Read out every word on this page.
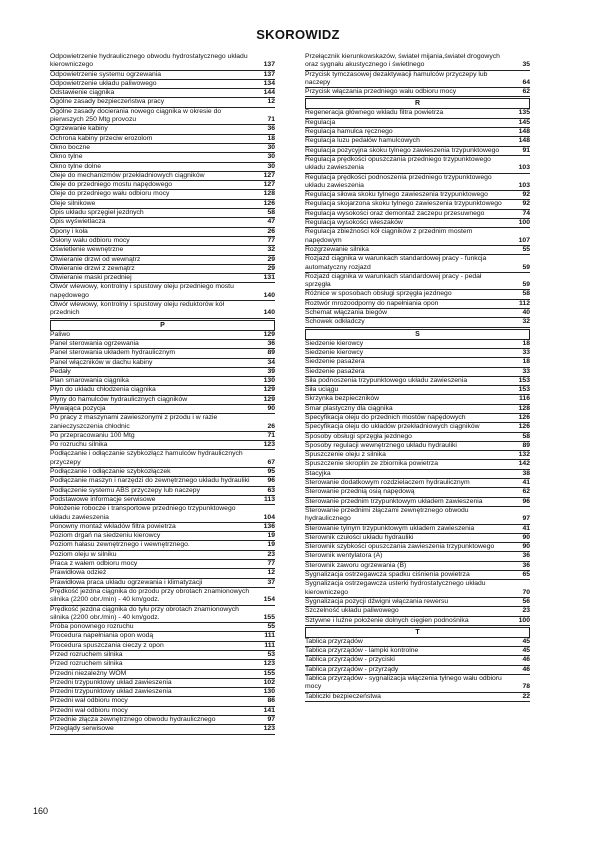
SKOROWIDZ
Odpowietrzenie hydraulicznego obwodu hydrostatycznego układu kierowniczego	137
Odpowietrzenie systemu ogrzewania	137
Odpowietrzenie układu paliwowego	134
Odstawienie ciągnika	144
Ogólne zasady bezpieczeństwa pracy	12
Ogólne zasady docierania nowego ciągnika w okresie do pierwszych 250 Mtg provozu	71
Ogrzewanie kabiny	36
Ochrona kabiny przeciw erozolom	18
Okno boczne	30
Okno tylne	30
Okno tylne dolne	30
Oleje do mechanizmów przekładniowych ciągników	127
Oleje do przedniego mostu napędowego	127
Oleje do przedniego wału odbioru mocy	128
Oleje silnikowe	126
Opis układu sprzęgieł jezdnych	58
Opis wyświetlacza	47
Opony i koła	26
Osłony wału odbioru mocy	77
Oświetlenie wewnętrzne	32
Otwieranie drzwi od wewnątrz	29
Otwieranie drzwi z zewnątrz	29
Otwieranie maski przedniej	131
Otwór wlewowy, kontrolny i spustowy oleju przedniego mostu napędowego	140
Otwór wlewowy, kontrolny i spustowy oleju reduktorów kół przednich	140
P
Paliwo	129
Panel sterowania ogrzewania	36
Panel sterowania układem hydraulicznym	89
Panel włączników w dachu kabiny	34
Pedały	39
Plan smarowania ciągnika	130
Płyn do układu chłodzenia ciągnika	129
Płyny do hamulców hydraulicznych ciągników	129
Pływająca pozycja	90
Po pracy z maszynami zawieszonymi z przodu i w razie zanieczyszczenia chłodnic	26
Po przepracowaniu 100 Mtg	71
Po rozruchu silnika	123
Podłączanie i odłączanie szybkozłącz hamulców hydraulicznych przyczepy	67
Podłączanie i odłączanie szybkozłączek	95
Podłączanie maszyn i narzędzi do zewnętrznego układu hydrauliki	96
Podłączenie systemu ABS przyczepy lub naczepy	63
Podstawowe informacje serwisowe	113
Położenie robocze i transportowe przedniego trzypunktowego układu zawieszenia	104
Ponowny montaż wkładów filtra powietrza	136
Poziom drgań na siedzeniu kierowcy	19
Poziom hałasu zewnętrznego i wewnętrznego.	19
Poziom oleju w silniku	23
Praca z wałem odbioru mocy	77
Prawidłowa odzież	12
Prawidłowa praca układu ogrzewania i klimatyzacji	37
Prędkość jezdna ciągnika do przodu przy obrotach znamionowych silnika (2200 obr./min) - 40 km/godz.	154
Prędkość jezdna ciągnika do tyłu przy obrotach znamionowych silnika (2200 obr./min) - 40 km/godz.	155
Próba ponownego rozruchu	55
Procedura napełniania opon wodą	111
Procedura spuszczania cieczy z opon	111
Przed rozruchem silnika	53
Przed rozruchem silnika	123
Przedni niezależny WOM	155
Przedni trzypunktowy układ zawieszenia	102
Przedni trzypunktowy układ zawieszenia	130
Przedni wał odbioru mocy	86
Przedni wał odbioru mocy	141
Przednie złącza zewnętrznego obwodu hydraulicznego	97
Przeglądy serwisowe	123
Przełącznik kierunkowskazów, świateł mijania,świateł drogowych oraz sygnału akustycznego i świetlnego	35
Przycisk tymczasowej dezaktywacji hamulców przyczepy lub naczepy	64
Przycisk włączania przedniego wału odbioru mocy	62
R
Regeneracja głównego wkładu filtra powietrza	135
Regulacja	145
Regulacja hamulca ręcznego	148
Regulacja luzu pedałów hamulcowych	148
Regulacja pozycyjna skoku tylnego zawieszenia trzypunktowego	91
Regulacja prędkości opuszczania przedniego trzypunktowego układu zawieszenia	103
Regulacja prędkości podnoszenia przedniego trzypunktowego układu zawieszenia	103
Regulacja siłowa skoku tylnego zawieszenia trzypunktowego	92
Regulacja skojarzona skoku tylnego zawieszenia trzypunktowego	92
Regulacja wysokości oraz demontaż zaczepu przesuwnego	74
Regulacja wysokości wieszaków	100
Regulacja zbieżności kół ciągników z przednim mostem napędowym	107
Rozgrzewanie silnika	55
Rozjazd ciągnika w warunkach standardowej pracy - funkcja automatyczny rozjazd	59
Rozjazd ciągnika w warunkach standardowej pracy - pedał sprzęgła	59
Różnice w sposobach obsługi sprzęgła jezdnego	58
Roztwór mrozoodporny do napełniania opon	112
Schemat włączania biegów	40
Schowek odkładczy	32
S
Siedzenie kierowcy	18
Siedzenie kierowcy	33
Siedzenie pasażera	18
Siedzenie pasażera	33
Siła podnoszenia trzypunktowego układu zawieszenia	153
Siła uciągu	153
Skrzynka bezpieczników	116
Smar plastyczny dla ciągnika	128
Specyfikacja oleju do przednich mostów napędowych	126
Specyfikacja oleju do układów przekładniowych ciągników	126
Sposoby obsługi sprzęgła jezdnego	58
Sposoby regulacji wewnętrznego układu hydrauliki	89
Spuszczenie oleju z silnika	132
Spuszczenie skroplin ze zbiornika powietrza	142
Stacyjka	38
Sterowanie dodatkowym rozdzielaczem hydraulicznym	41
Sterowanie przednią osią napędową	62
Sterowanie przednim trzypunktowym układem zawieszenia	96
Sterowanie przednimi złączami zewnętrznego obwodu hydraulicznego	97
Sterowanie tylnym trzypunktowym układem zawieszenia	41
Sterownik czułości układu hydrauliki	90
Sterownik szybkości opuszczania zawieszenia trzypunktowego	90
Sterownik wentylatora (A)	36
Sterownik zaworu ogrzewania (B)	36
Sygnalizacja ostrzegawcza spadku ciśnienia powietrza	65
Sygnalizacja ostrzegawcza usterki hydrostatycznego układu kierowniczego	70
Sygnalizacja pozycji dźwigni włączania rewersu	56
Szczelność układu paliwowego	23
Sztywne i luźne położenie dolnych cięgien podnośnika	100
T
Tablica przyrządów	45
Tablica przyrządów - lampki kontrolne	45
Tablica przyrządów - przyciski	46
Tablica przyrządów - przyrządy	46
Tablica przyrządów - sygnalizacja włączenia tylnego wału odbioru mocy	78
Tabliczki bezpieczeństwa	22
160
